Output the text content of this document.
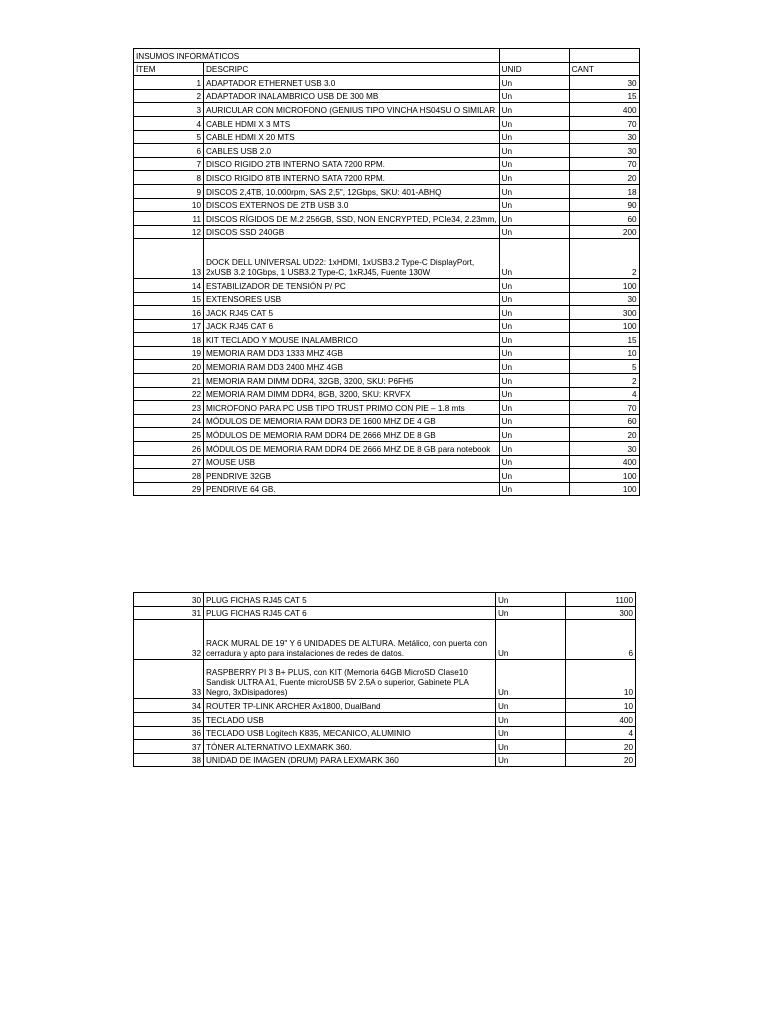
INSUMOS INFORMÁTICOS			
ÍTEM	DESCRIPC	UNID	CANT
1	ADAPTADOR ETHERNET USB 3.0	Un	30
2	ADAPTADOR INALAMBRICO USB DE 300 MB	Un	15
3	AURICULAR CON MICROFONO (GENIUS TIPO VINCHA HS04SU O SIMILAR	Un	400
4	CABLE HDMI X 3 MTS	Un	70
5	CABLE HDMI X 20 MTS	Un	30
6	CABLES USB 2.0	Un	30
7	DISCO RIGIDO 2TB INTERNO SATA 7200 RPM.	Un	70
8	DISCO RIGIDO 8TB INTERNO SATA 7200 RPM.	Un	20
9	DISCOS 2,4TB, 10.000rpm, SAS 2,5", 12Gbps, SKU: 401-ABHQ	Un	18
10	DISCOS EXTERNOS DE 2TB USB 3.0	Un	90
11	DISCOS RÍGIDOS DE M.2 256GB, SSD, NON ENCRYPTED, PCIe34, 2.23mm,	Un	60
12	DISCOS SSD 240GB	Un	200
13	DOCK DELL UNIVERSAL UD22: 1xHDMI, 1xUSB3.2 Type-C DisplayPort, 2xUSB 3.2 10Gbps, 1 USB3.2 Type-C, 1xRJ45, Fuente 130W	Un	2
14	ESTABILIZADOR DE TENSIÓN P/ PC	Un	100
15	EXTENSORES USB	Un	30
16	JACK RJ45 CAT 5	Un	300
17	JACK RJ45 CAT 6	Un	100
18	KIT TECLADO Y MOUSE INALAMBRICO	Un	15
19	MEMORIA RAM DD3 1333 MHZ 4GB	Un	10
20	MEMORIA RAM DD3 2400 MHZ 4GB	Un	5
21	MEMORIA RAM DIMM DDR4, 32GB, 3200, SKU: P6FH5	Un	2
22	MEMORIA RAM DIMM DDR4, 8GB, 3200, SKU: KRVFX	Un	4
23	MICROFONO PARA PC USB TIPO TRUST PRIMO CON PIE – 1.8 mts	Un	70
24	MÓDULOS DE MEMORIA RAM DDR3 DE 1600 MHZ DE 4 GB	Un	60
25	MÓDULOS DE MEMORIA RAM DDR4 DE 2666 MHZ DE 8 GB	Un	20
26	MÓDULOS DE MEMORIA RAM DDR4 DE 2666 MHZ DE 8 GB para notebook	Un	30
27	MOUSE USB	Un	400
28	PENDRIVE 32GB	Un	100
29	PENDRIVE 64 GB.	Un	100
30	PLUG FICHAS RJ45 CAT 5	Un	1100
31	PLUG FICHAS RJ45 CAT 6	Un	300
32	RACK MURAL DE 19" Y 6 UNIDADES DE ALTURA. Metálico, con puerta con cerradura y apto para instalaciones de redes de datos.	Un	6
33	RASPBERRY PI 3 B+ PLUS, con KIT (Memoria 64GB MicroSD Clase10 Sandisk ULTRA A1, Fuente microUSB 5V 2.5A o superior, Gabinete PLA Negro, 3xDisipadores)	Un	10
34	ROUTER TP-LINK ARCHER Ax1800, DualBand	Un	10
35	TECLADO USB	Un	400
36	TECLADO USB Logitech K835, MECANICO, ALUMINIO	Un	4
37	TÓNER ALTERNATIVO LEXMARK 360.	Un	20
38	UNIDAD DE IMAGEN (DRUM) PARA LEXMARK 360	Un	20
